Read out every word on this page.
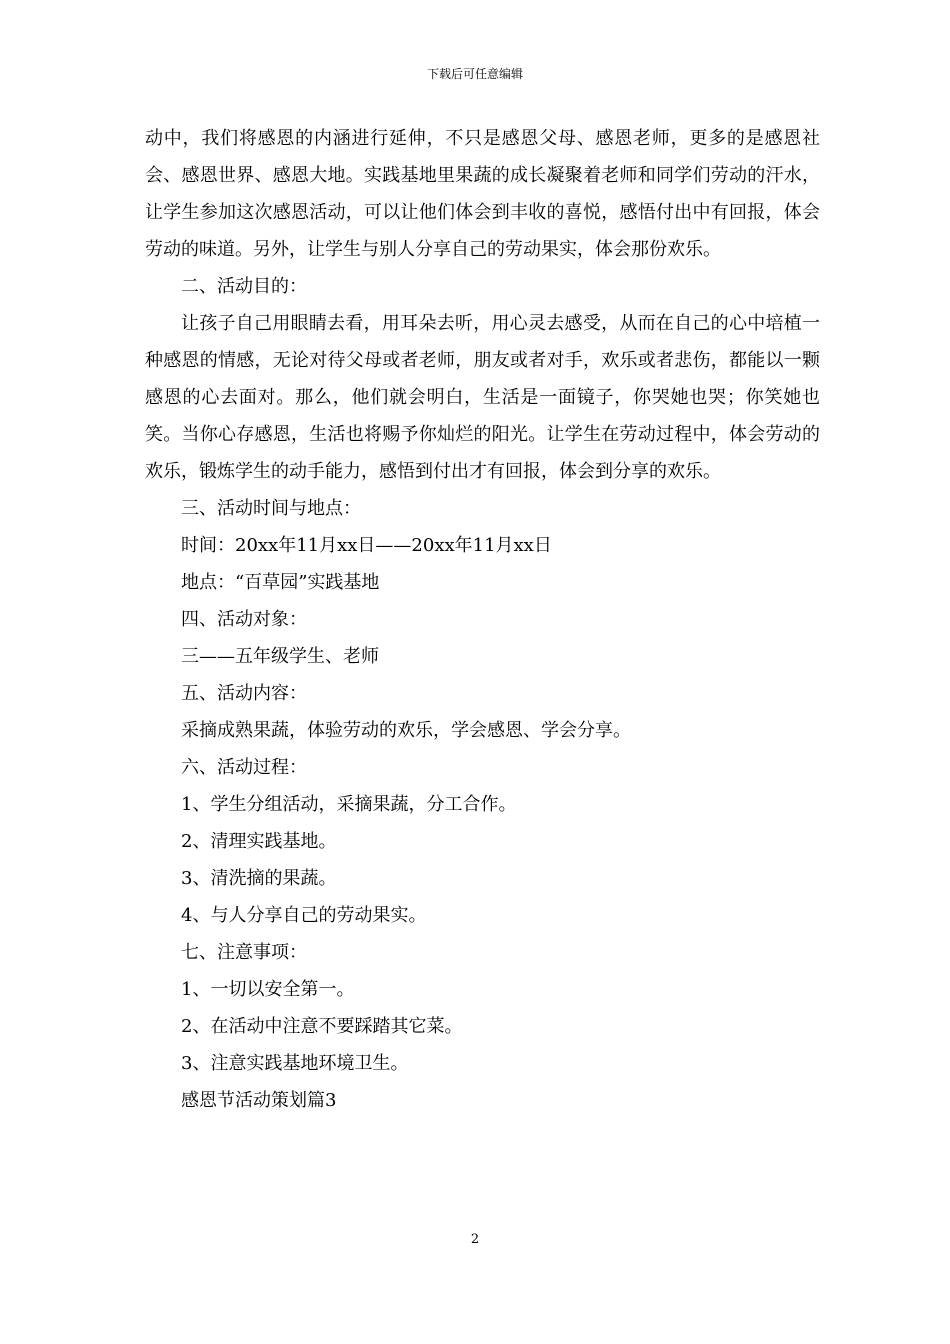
下载后可任意编辑

动中，我们将感恩的内涵进行延伸，不只是感恩父母、感恩老师，更多的是感恩社会、感恩世界、感恩大地。实践基地里果蔬的成长凝聚着老师和同学们劳动的汗水，让学生参加这次感恩活动，可以让他们体会到丰收的喜悦，感悟付出中有回报，体会劳动的味道。另外，让学生与别人分享自己的劳动果实，体会那份欢乐。

二、活动目的：

让孩子自己用眼睛去看，用耳朵去听，用心灵去感受，从而在自己的心中培植一种感恩的情感，无论对待父母或者老师，朋友或者对手，欢乐或者悲伤，都能以一颗感恩的心去面对。那么，他们就会明白，生活是一面镜子，你哭她也哭；你笑她也笑。当你心存感恩，生活也将赐予你灿烂的阳光。让学生在劳动过程中，体会劳动的欢乐，锻炼学生的动手能力，感悟到付出才有回报，体会到分享的欢乐。

三、活动时间与地点：

时间：20xx年11月xx日——20xx年11月xx日

地点：“百草园”实践基地

四、活动对象：

三——五年级学生、老师

五、活动内容：

采摘成熟果蔬，体验劳动的欢乐，学会感恩、学会分享。

六、活动过程：

1、学生分组活动，采摘果蔬，分工合作。

2、清理实践基地。

3、清洗摘的果蔬。

4、与人分享自己的劳动果实。

七、注意事项：

1、一切以安全第一。

2、在活动中注意不要踩踏其它菜。

3、注意实践基地环境卫生。

感恩节活动策划篇3

2
